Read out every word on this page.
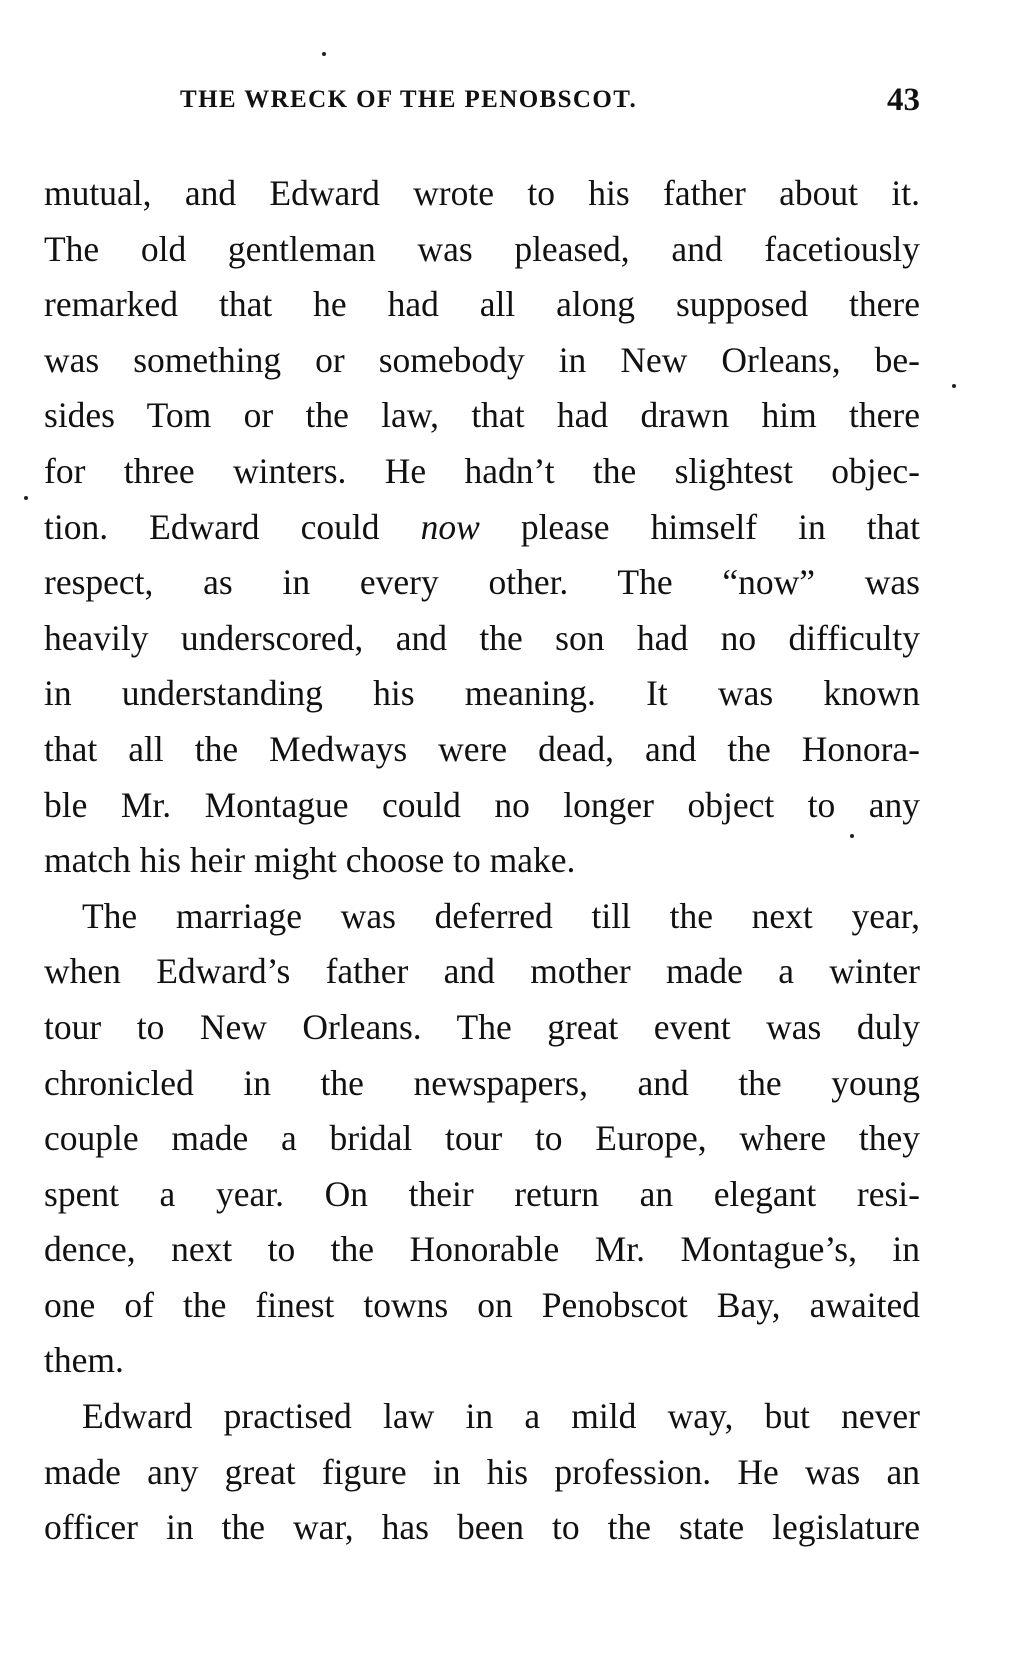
THE WRECK OF THE PENOBSCOT.	43
mutual, and Edward wrote to his father about it.
The old gentleman was pleased, and facetiously
remarked that he had all along supposed there
was something or somebody in New Orleans, be-
sides Tom or the law, that had drawn him there
for three winters. He hadn’t the slightest objec-
tion. Edward could now please himself in that
respect, as in every other. The “now” was
heavily underscored, and the son had no difficulty
in understanding his meaning. It was known
that all the Medways were dead, and the Honora-
ble Mr. Montague could no longer object to any
match his heir might choose to make.
The marriage was deferred till the next year,
when Edward’s father and mother made a winter
tour to New Orleans. The great event was duly
chronicled in the newspapers, and the young
couple made a bridal tour to Europe, where they
spent a year. On their return an elegant resi-
dence, next to the Honorable Mr. Montague’s, in
one of the finest towns on Penobscot Bay, awaited
them.
Edward practised law in a mild way, but never
made any great figure in his profession. He was an
officer in the war, has been to the state legislature
